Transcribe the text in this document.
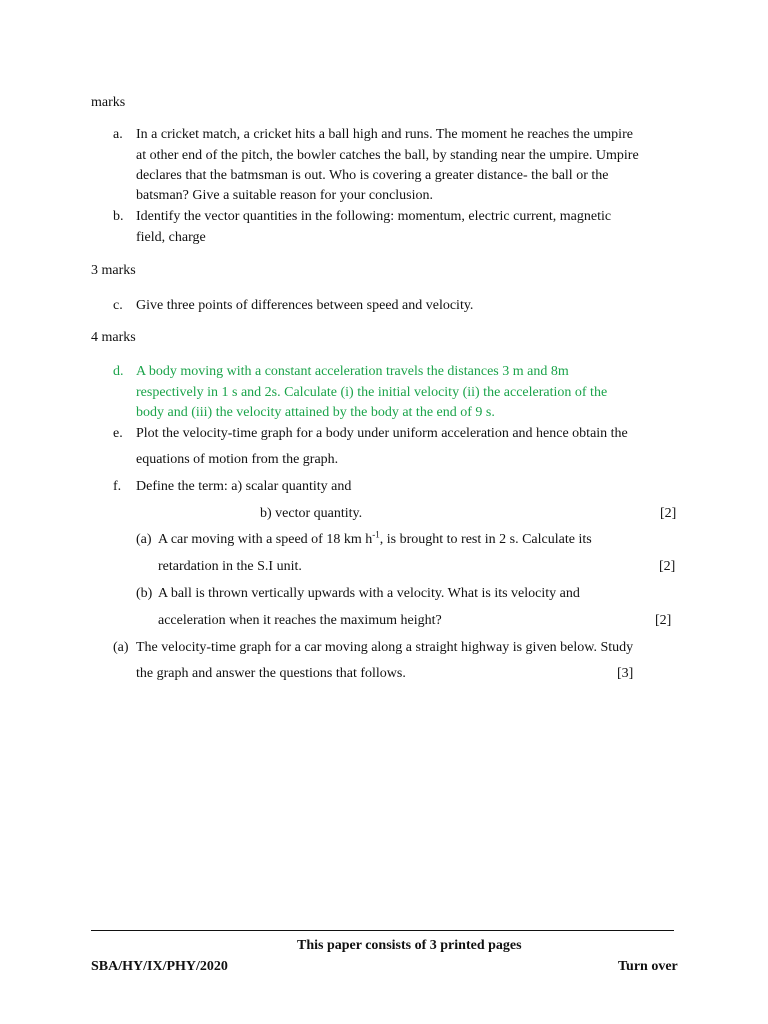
marks
a. In a cricket match, a cricket hits a ball high and runs. The moment he reaches the umpire
at other end of the pitch, the bowler catches the ball, by standing near the umpire. Umpire
declares that the batmsman is out. Who is covering a greater distance- the ball or the
batsman? Give a suitable reason for your conclusion.
b. Identify the vector quantities in the following: momentum, electric current, magnetic
field, charge
3 marks
c. Give three points of differences between speed and velocity.
4 marks
d. A body moving with a constant acceleration travels the distances 3 m and 8m
respectively in 1 s and 2s. Calculate (i) the initial velocity (ii) the acceleration of the
body and (iii) the velocity attained by the body at the end of 9 s.
e. Plot the velocity-time graph for a body under uniform acceleration and hence obtain the
equations of motion from the graph.
f. Define the term: a) scalar quantity and
b) vector quantity.	[2]
(a) A car moving with a speed of 18 km $h^{-1}$, is brought to rest in 2 s. Calculate its
retardation in the S.I unit.	[2]
(b) A ball is thrown vertically upwards with a velocity. What is its velocity and
acceleration when it reaches the maximum height?	[2]
(a) The velocity-time graph for a car moving along a straight highway is given below. Study
the graph and answer the questions that follows.	[3]
This paper consists of 3 printed pages
SBA/HY/IX/PHY/2020	Turn over
